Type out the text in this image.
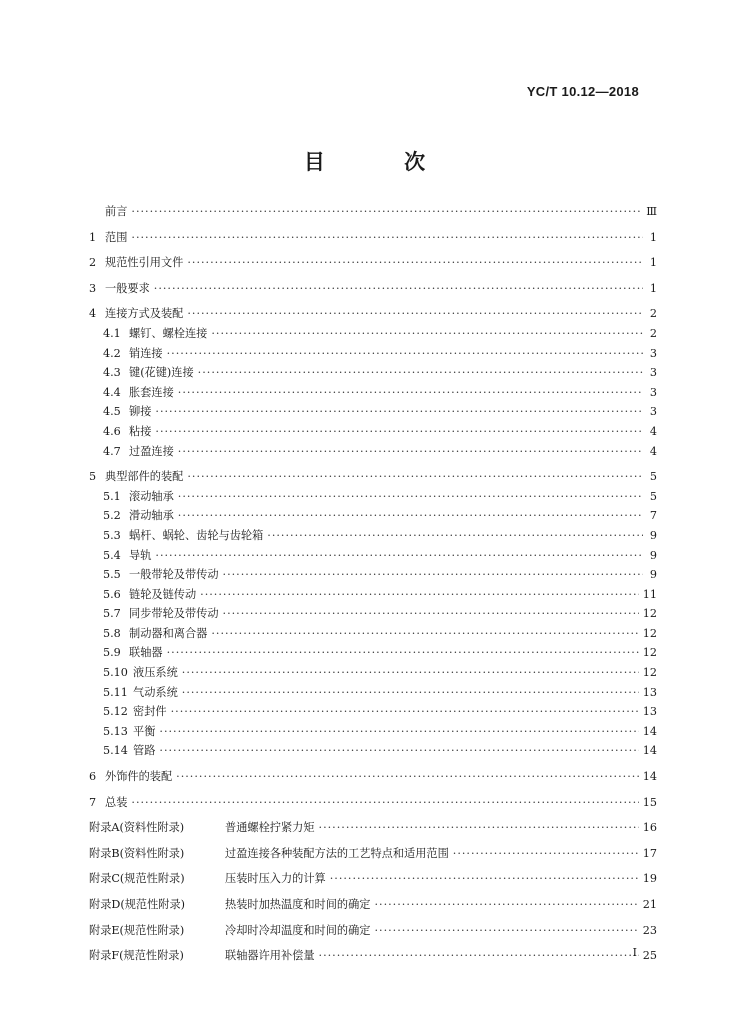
YC/T 10.12—2018
目 次
前言 ·····	Ⅲ
1 范围 ·····	1
2 规范性引用文件 ·····	1
3 一般要求 ·····	1
4 连接方式及装配 ·····	2
4.1 螺钉、螺栓连接 ·····	2
4.2 销连接 ·····	3
4.3 键(花键)连接 ·····	3
4.4 胀套连接 ·····	3
4.5 铆接 ·····	3
4.6 粘接 ·····	4
4.7 过盈连接 ·····	4
5 典型部件的装配 ·····	5
5.1 滚动轴承 ·····	5
5.2 滑动轴承 ·····	7
5.3 蜗杆、蜗轮、齿轮与齿轮箱 ·····	9
5.4 导轨 ·····	9
5.5 一般带轮及带传动 ·····	9
5.6 链轮及链传动 ·····	11
5.7 同步带轮及带传动 ·····	12
5.8 制动器和离合器 ·····	12
5.9 联轴器 ·····	12
5.10 液压系统 ·····	12
5.11 气动系统 ·····	13
5.12 密封件 ·····	13
5.13 平衡 ·····	14
5.14 管路 ·····	14
6 外饰件的装配 ·····	14
7 总装 ·····	15
附录A(资料性附录)	普通螺栓拧紧力矩 ·····	16
附录B(资料性附录)	过盈连接各种装配方法的工艺特点和适用范围 ·····	17
附录C(规范性附录)	压装时压入力的计算 ·····	19
附录D(规范性附录)	热装时加热温度和时间的确定 ·····	21
附录E(规范性附录)	冷却时冷却温度和时间的确定 ·····	23
附录F(规范性附录)	联轴器许用补偿量 ·····	25
I
